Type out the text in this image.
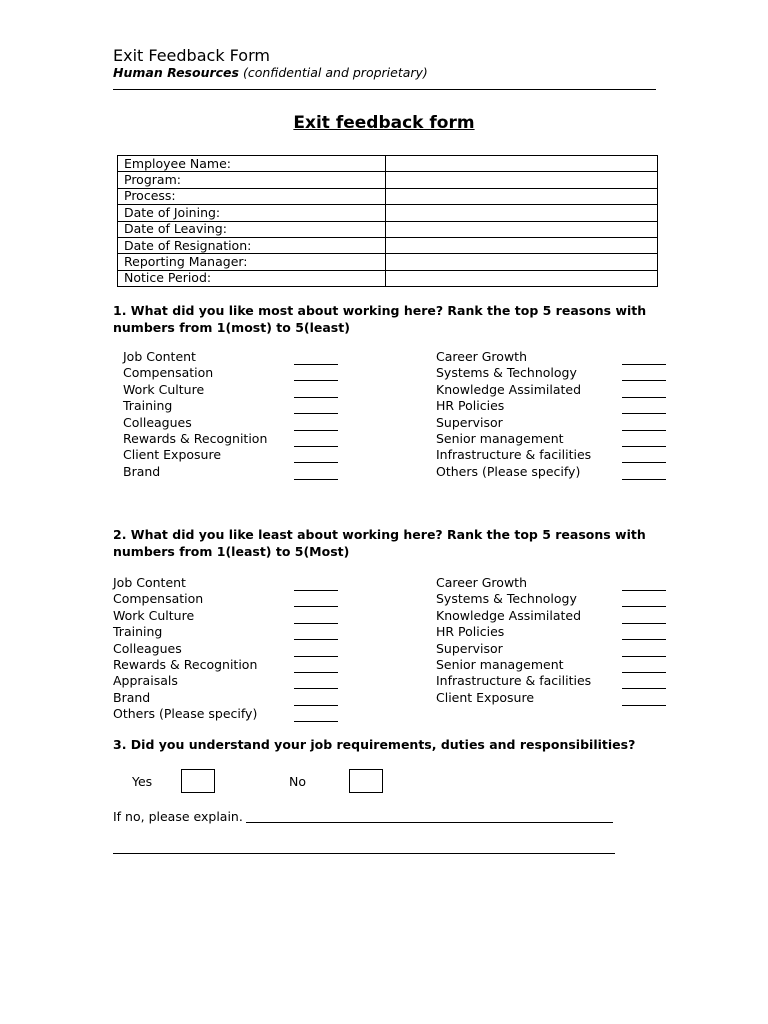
Exit Feedback Form
Human Resources (confidential and proprietary)
Exit feedback form
Employee Name:	
Program:	
Process:	
Date of Joining:	
Date of Leaving:	
Date of Resignation:	
Reporting Manager:	
Notice Period:	
1. What did you like most about working here? Rank the top 5 reasons with numbers from 1(most) to 5(least)
Job Content
Compensation
Work Culture
Training
Colleagues
Rewards & Recognition
Client Exposure
Brand
Career Growth
Systems & Technology
Knowledge Assimilated
HR Policies
Supervisor
Senior management
Infrastructure & facilities
Others (Please specify)
2. What did you like least about working here? Rank the top 5 reasons with numbers from 1(least) to 5(Most)
Job Content
Compensation
Work Culture
Training
Colleagues
Rewards & Recognition
Appraisals
Brand
Others (Please specify)
Career Growth
Systems & Technology
Knowledge Assimilated
HR Policies
Supervisor
Senior management
Infrastructure & facilities
Client Exposure
3. Did you understand your job requirements, duties and responsibilities?
Yes	No
If no, please explain.
